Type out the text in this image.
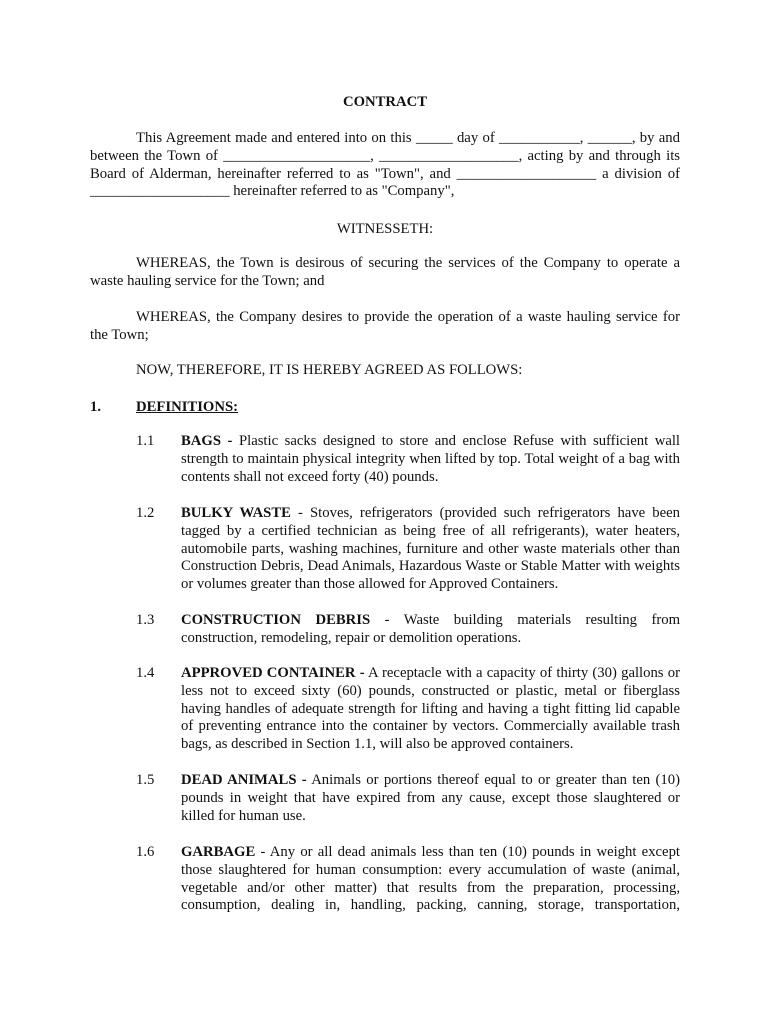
CONTRACT
This Agreement made and entered into on this _____ day of ___________, ______, by and between the Town of ____________________, ___________________, acting by and through its Board of Alderman, hereinafter referred to as "Town", and ___________________ a division of ___________________ hereinafter referred to as "Company",
WITNESSETH:
WHEREAS, the Town is desirous of securing the services of the Company to operate a waste hauling service for the Town; and
WHEREAS, the Company desires to provide the operation of a waste hauling service for the Town;
NOW, THEREFORE, IT IS HEREBY AGREED AS FOLLOWS:
1. DEFINITIONS:
1.1 BAGS - Plastic sacks designed to store and enclose Refuse with sufficient wall strength to maintain physical integrity when lifted by top. Total weight of a bag with contents shall not exceed forty (40) pounds.
1.2 BULKY WASTE - Stoves, refrigerators (provided such refrigerators have been tagged by a certified technician as being free of all refrigerants), water heaters, automobile parts, washing machines, furniture and other waste materials other than Construction Debris, Dead Animals, Hazardous Waste or Stable Matter with weights or volumes greater than those allowed for Approved Containers.
1.3 CONSTRUCTION DEBRIS - Waste building materials resulting from construction, remodeling, repair or demolition operations.
1.4 APPROVED CONTAINER - A receptacle with a capacity of thirty (30) gallons or less not to exceed sixty (60) pounds, constructed or plastic, metal or fiberglass having handles of adequate strength for lifting and having a tight fitting lid capable of preventing entrance into the container by vectors. Commercially available trash bags, as described in Section 1.1, will also be approved containers.
1.5 DEAD ANIMALS - Animals or portions thereof equal to or greater than ten (10) pounds in weight that have expired from any cause, except those slaughtered or killed for human use.
1.6 GARBAGE - Any or all dead animals less than ten (10) pounds in weight except those slaughtered for human consumption: every accumulation of waste (animal, vegetable and/or other matter) that results from the preparation, processing, consumption, dealing in, handling, packing, canning, storage, transportation,
